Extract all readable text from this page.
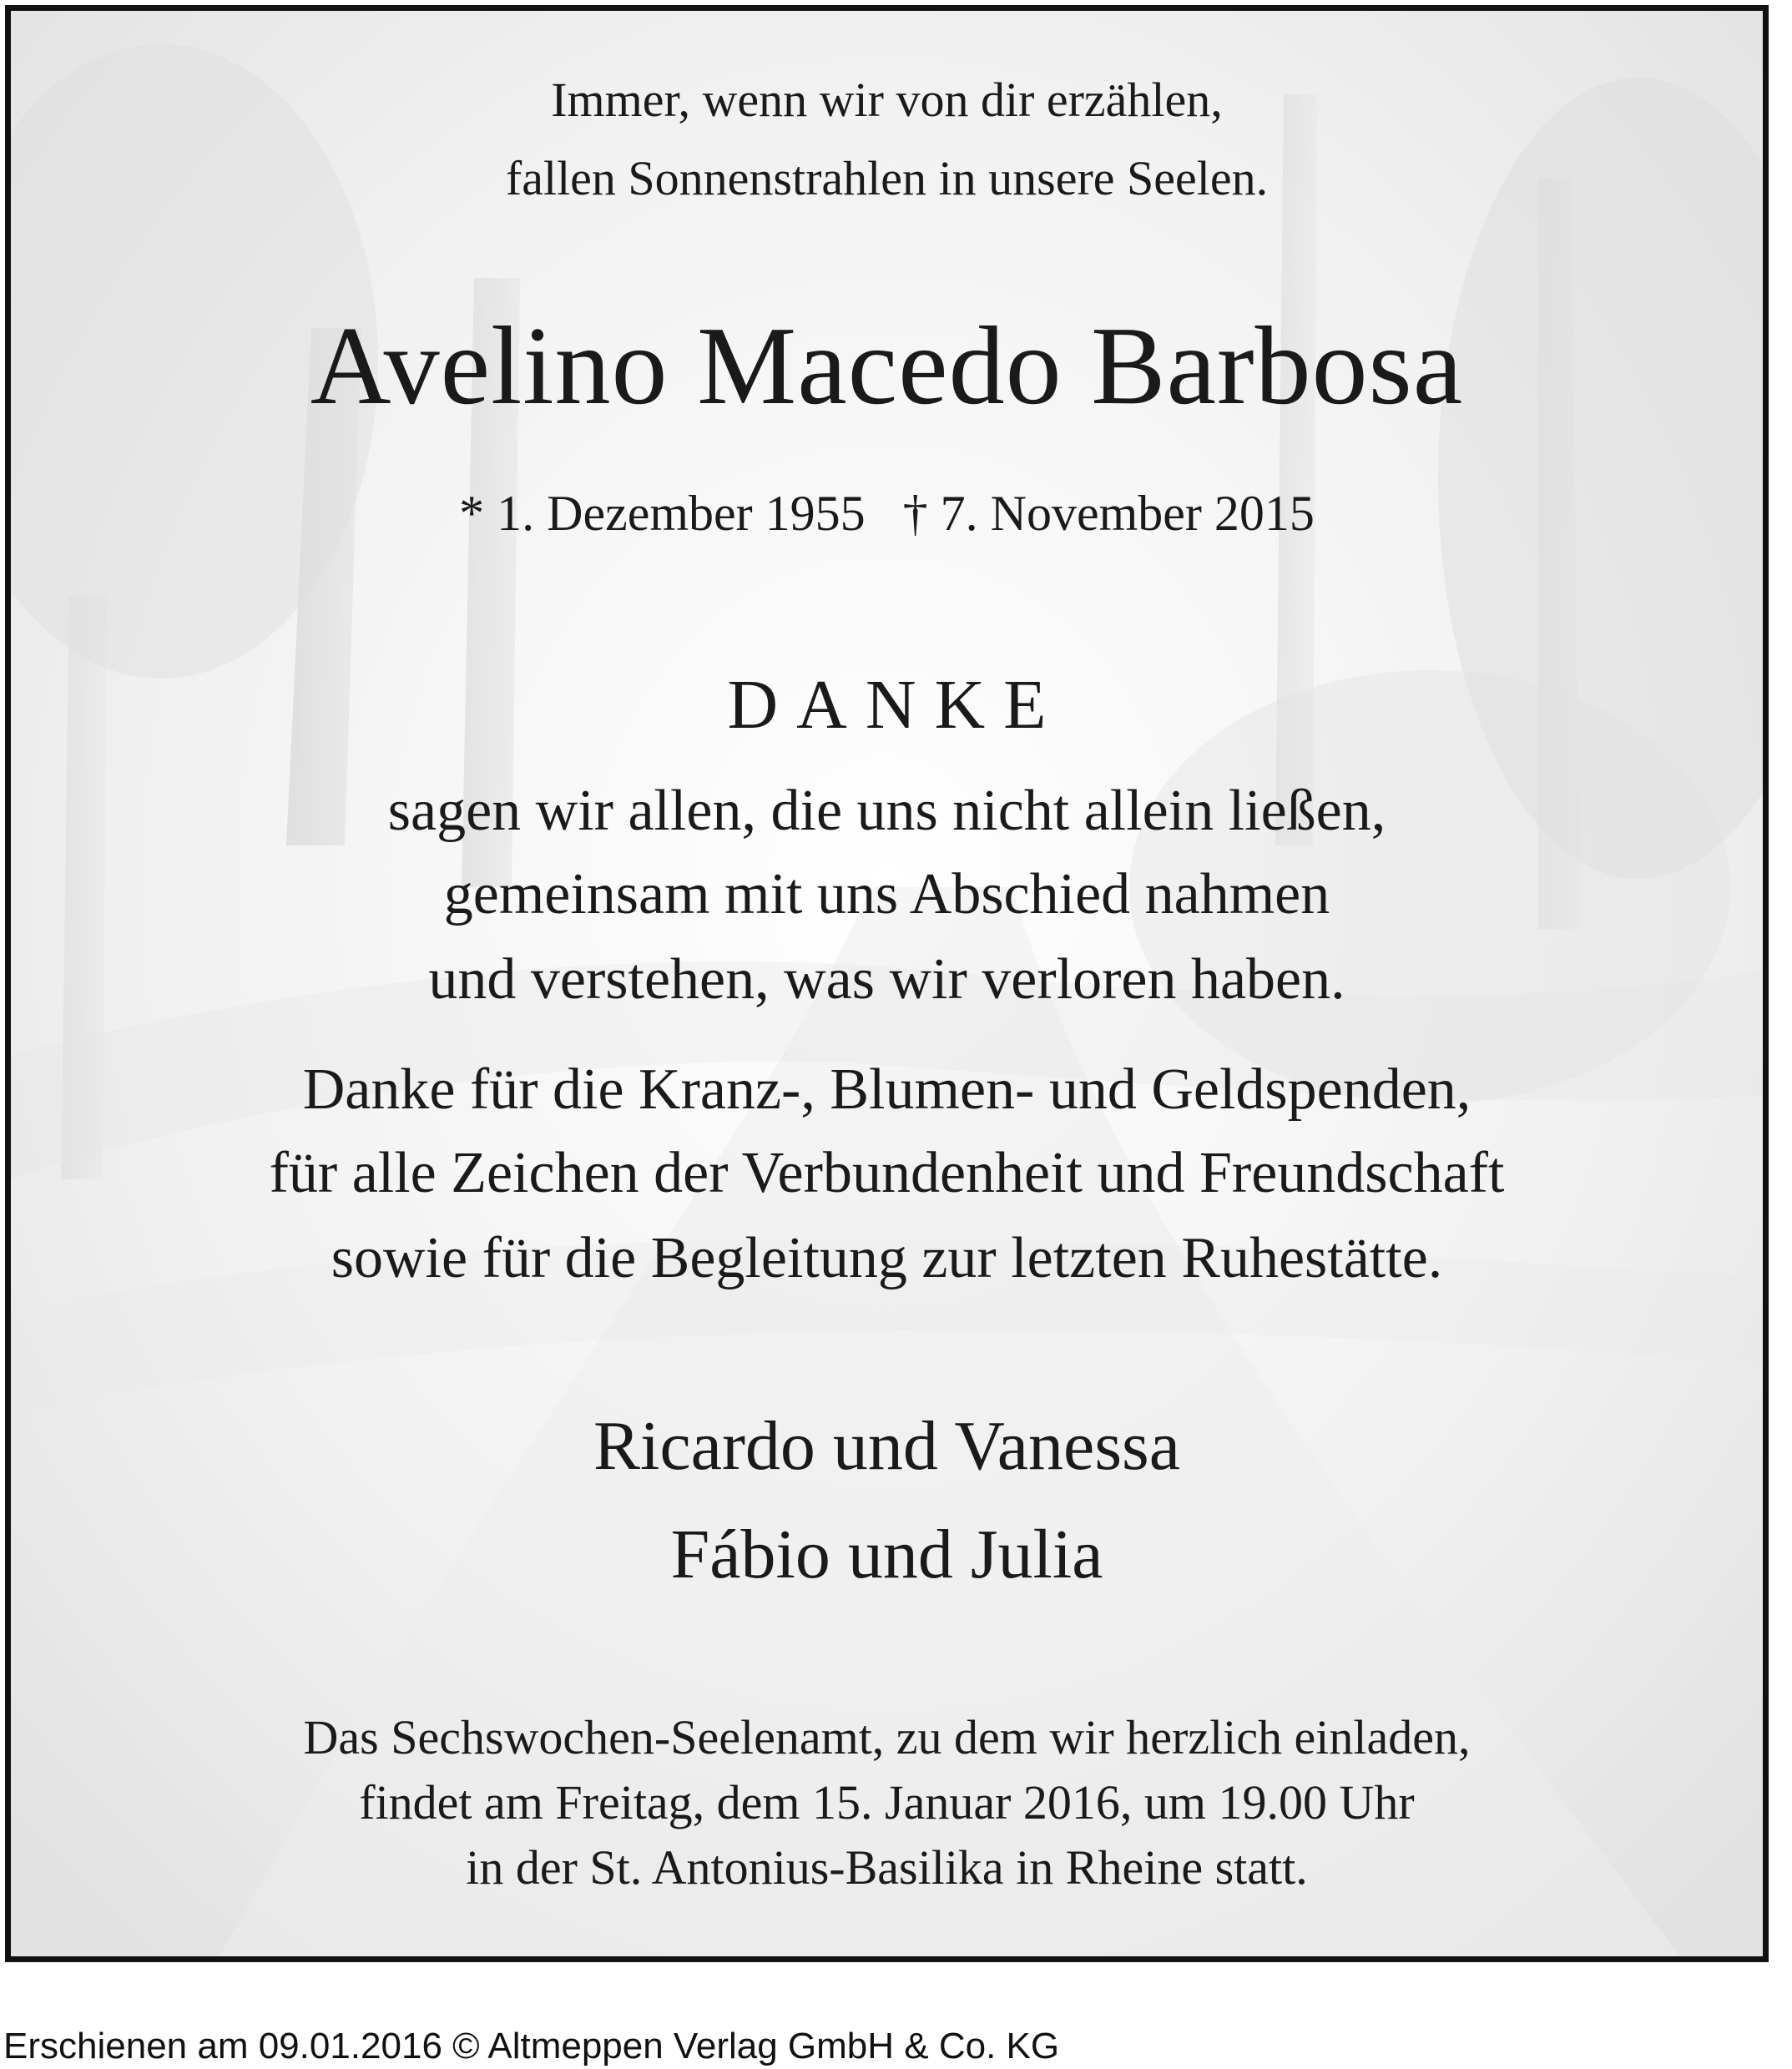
Immer, wenn wir von dir erzählen,
fallen Sonnenstrahlen in unsere Seelen.
Avelino Macedo Barbosa
* 1. Dezember 1955   † 7. November 2015
DANKE
sagen wir allen, die uns nicht allein ließen,
gemeinsam mit uns Abschied nahmen
und verstehen, was wir verloren haben.
Danke für die Kranz-, Blumen- und Geldspenden,
für alle Zeichen der Verbundenheit und Freundschaft
sowie für die Begleitung zur letzten Ruhestätte.
Ricardo und Vanessa
Fábio und Julia
Das Sechswochen-Seelenamt, zu dem wir herzlich einladen,
findet am Freitag, dem 15. Januar 2016, um 19.00 Uhr
in der St. Antonius-Basilika in Rheine statt.
Erschienen am 09.01.2016 © Altmeppen Verlag GmbH & Co. KG
